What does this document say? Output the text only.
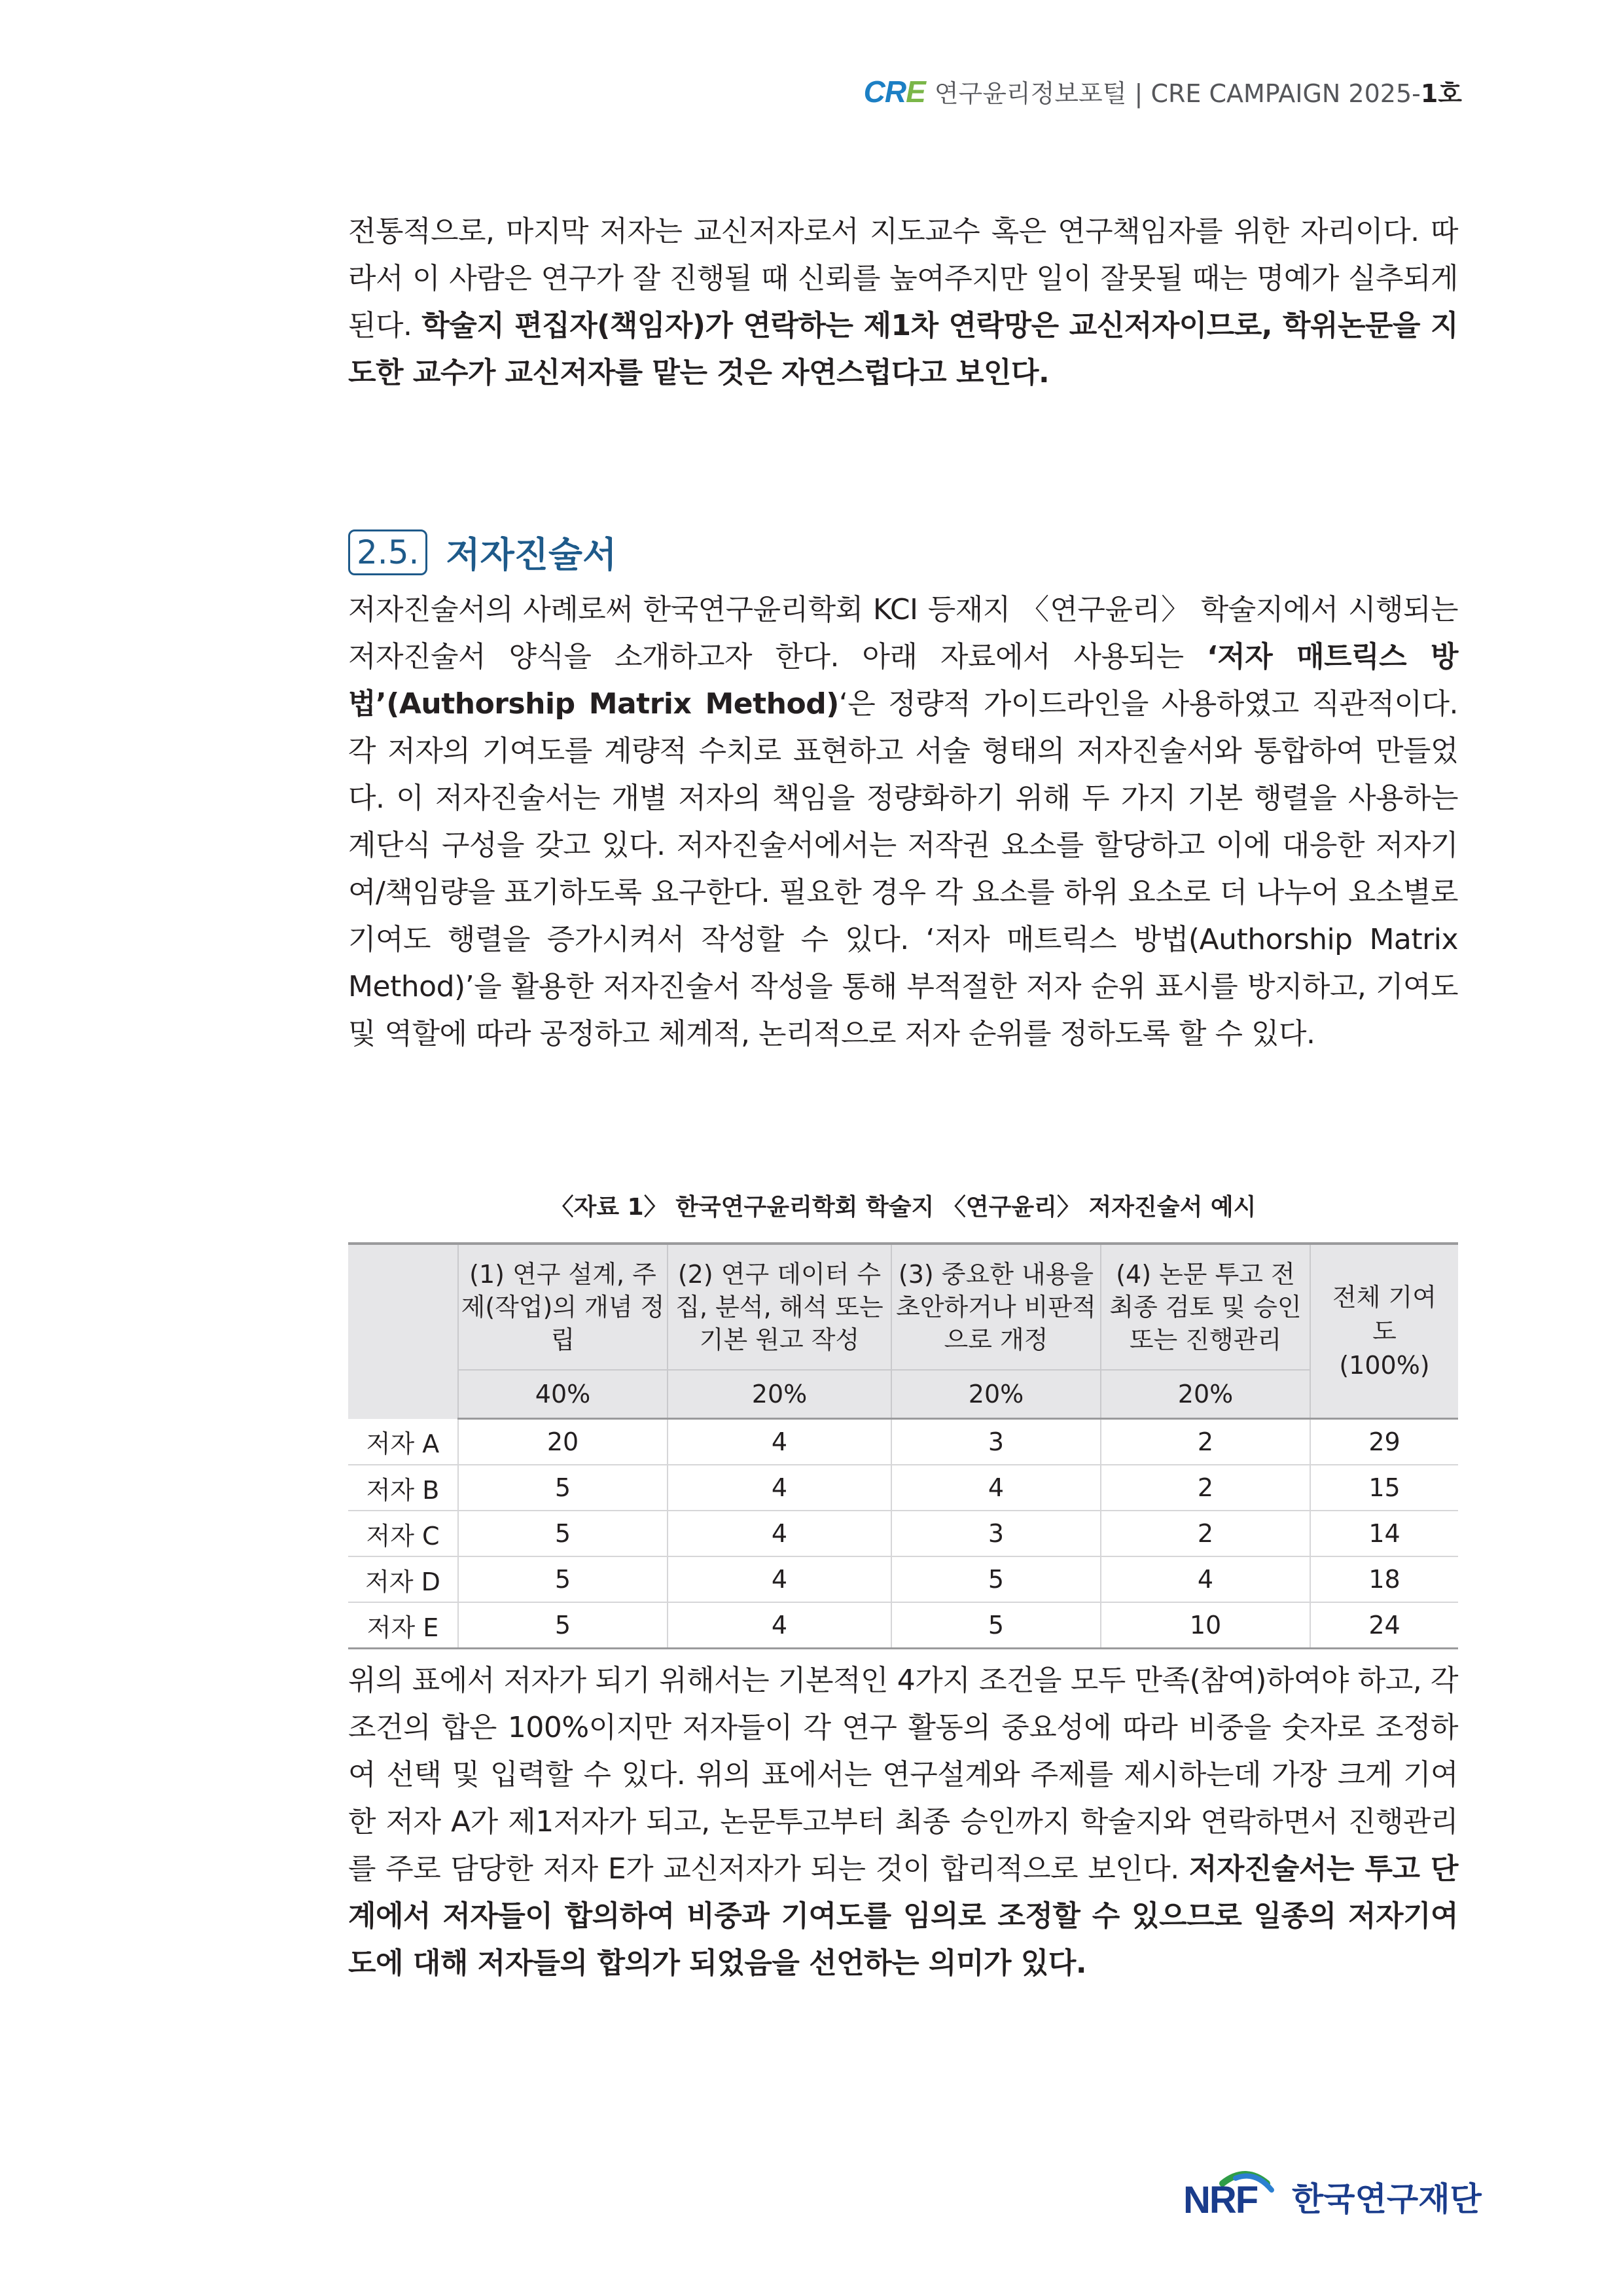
CRE 연구윤리정보포털 | CRE CAMPAIGN 2025- 1호

전통적으로, 마지막 저자는 교신저자로서 지도교수 혹은 연구책임자를 위한 자리이다. 따라서 이 사람은 연구가 잘 진행될 때 신뢰를 높여주지만 일이 잘못될 때는 명예가 실추되게 된다. 학술지 편집자(책임자)가 연락하는 제1차 연락망은 교신저자이므로, 학위논문을 지도한 교수가 교신저자를 맡는 것은 자연스럽다고 보인다.

2.5. 저자진술서

저자진술서의 사례로써 한국연구윤리학회 KCI 등재지 〈연구윤리〉 학술지에서 시행되는 저자진술서 양식을 소개하고자 한다. 아래 자료에서 사용되는 ‘저자 매트릭스 방법’(Authorship Matrix Method)‘은 정량적 가이드라인을 사용하였고 직관적이다. 각 저자의 기여도를 계량적 수치로 표현하고 서술 형태의 저자진술서와 통합하여 만들었다. 이 저자진술서는 개별 저자의 책임을 정량화하기 위해 두 가지 기본 행렬을 사용하는 계단식 구성을 갖고 있다. 저자진술서에서는 저작권 요소를 할당하고 이에 대응한 저자기여/책임량을 표기하도록 요구한다. 필요한 경우 각 요소를 하위 요소로 더 나누어 요소별로 기여도 행렬을 증가시켜서 작성할 수 있다. ‘저자 매트릭스 방법(Authorship Matrix Method)’을 활용한 저자진술서 작성을 통해 부적절한 저자 순위 표시를 방지하고, 기여도 및 역할에 따라 공정하고 체계적, 논리적으로 저자 순위를 정하도록 할 수 있다.

〈자료 1〉 한국연구윤리학회 학술지 〈연구윤리〉 저자진술서 예시
	(1) 연구 설계, 주제(작업)의 개념 정립	(2) 연구 데이터 수집, 분석, 해석 또는 기본 원고 작성	(3) 중요한 내용을 초안하거나 비판적으로 개정	(4) 논문 투고 전 최종 검토 및 승인 또는 진행관리	전체 기여도 (100%)
	40%	20%	20%	20%	
저자 A	20	4	3	2	29
저자 B	5	4	4	2	15
저자 C	5	4	3	2	14
저자 D	5	4	5	4	18
저자 E	5	4	5	10	24

위의 표에서 저자가 되기 위해서는 기본적인 4가지 조건을 모두 만족(참여)하여야 하고, 각 조건의 합은 100%이지만 저자들이 각 연구 활동의 중요성에 따라 비중을 숫자로 조정하여 선택 및 입력할 수 있다. 위의 표에서는 연구설계와 주제를 제시하는데 가장 크게 기여한 저자 A가 제1저자가 되고, 논문투고부터 최종 승인까지 학술지와 연락하면서 진행관리를 주로 담당한 저자 E가 교신저자가 되는 것이 합리적으로 보인다. 저자진술서는 투고 단계에서 저자들이 합의하여 비중과 기여도를 임의로 조정할 수 있으므로 일종의 저자기여도에 대해 저자들의 합의가 되었음을 선언하는 의미가 있다.

NRF 한국연구재단
